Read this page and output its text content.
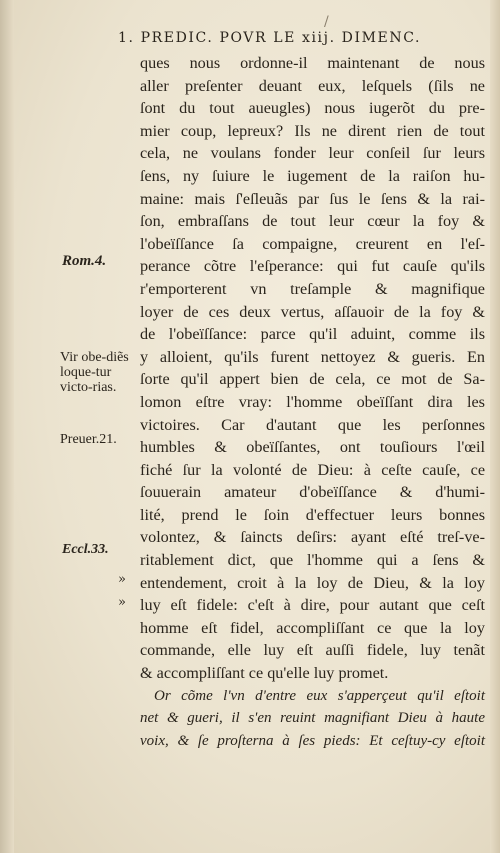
/
1. PREDIC. POVR LE xiij. DIMENC.
Rom.4.
Vir obe-diẽs loque-tur victo-rias.
Preuer.21.
Eccl.33.
»
»
ques nous ordonne-il maintenant de nous
aller preſenter deuant eux, leſquels (ſils ne
ſont du tout aueugles) nous iugerõt du pre-
mier coup, lepreux? Ils ne dirent rien de tout
cela, ne voulans fonder leur conſeil ſur leurs
ſens, ny ſuiure le iugement de la raiſon hu-
maine: mais ſ'eſleuãs par ſus le ſens & la rai-
ſon, embraſſans de tout leur cœur la foy &
l'obeïſſance ſa compaigne, creurent en l'eſ-
perance cõtre l'eſperance: qui fut cauſe qu'ils
r'emporterent vn treſample & magnifique
loyer de ces deux vertus, aſſauoir de la foy &
de l'obeïſſance: parce qu'il aduint, comme ils
y alloient, qu'ils furent nettoyez & gueris. En
ſorte qu'il appert bien de cela, ce mot de Sa-
lomon eſtre vray: l'homme obeïſſant dira les
victoires. Car d'autant que les perſonnes
humbles & obeïſſantes, ont touſiours l'œil
fiché ſur la volonté de Dieu: à ceſte cauſe, ce
ſouuerain amateur d'obeïſſance & d'humi-
lité, prend le ſoin d'effectuer leurs bonnes
volontez, & ſaincts deſirs: ayant eſté treſ-ve-
ritablement dict, que l'homme qui a ſens &
entendement, croit à la loy de Dieu, & la loy
luy eſt fidele: c'eſt à dire, pour autant que ceſt
homme eſt fidel, accompliſſant ce que la loy
commande, elle luy eſt auſſi fidele, luy tenãt
& accompliſſant ce qu'elle luy promet.
Or cõme l'vn d'entre eux s'apperçeut qu'il eſtoit
net & gueri, il s'en reuint magnifiant Dieu à haute
voix, & ſe proſterna à ſes pieds: Et ceſtuy-cy eſtoit
